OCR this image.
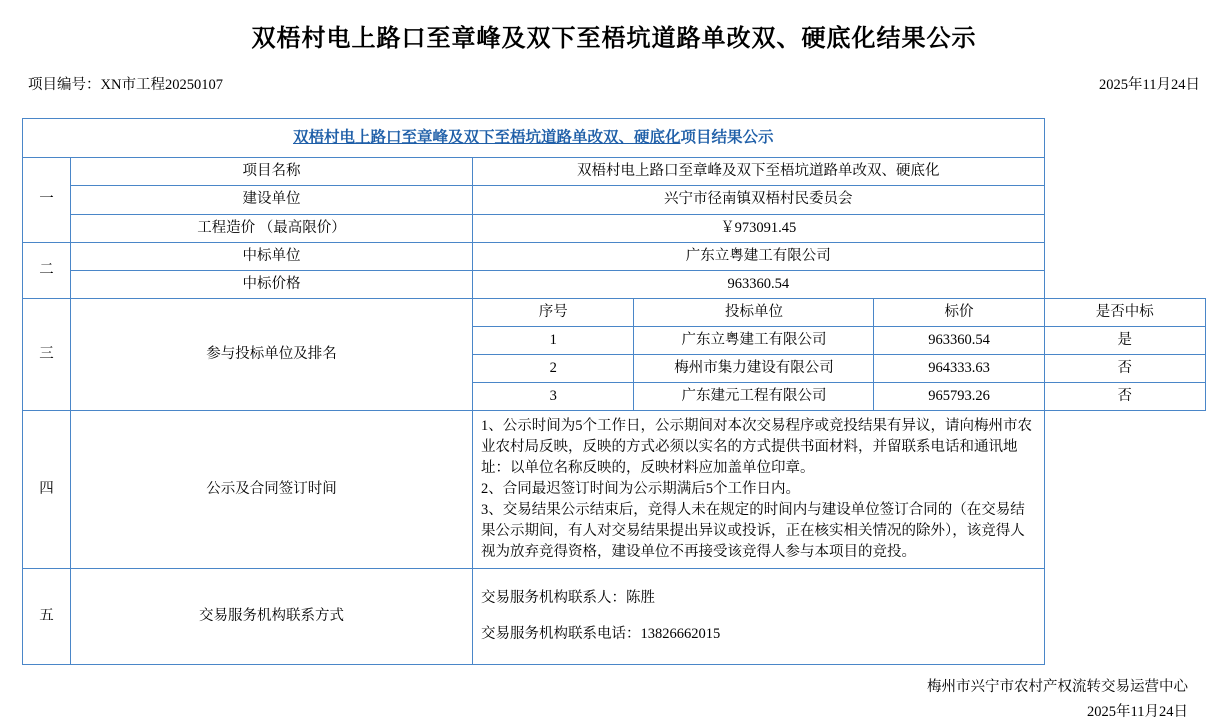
双梧村电上路口至章峰及双下至梧坑道路单改双、硬底化结果公示
项目编号：XN市工程20250107	2025年11月24日
双梧村电上路口至章峰及双下至梧坑道路单改双、硬底化项目结果公示					
一	项目名称	双梧村电上路口至章峰及双下至梧坑道路单改双、硬底化			
	建设单位	兴宁市径南镇双梧村民委员会			
	工程造价 （最高限价）	￥973091.45			
二	中标单位	广东立粤建工有限公司			
	中标价格	963360.54			
三	参与投标单位及排名	序号	投标单位	标价	是否中标
		1	广东立粤建工有限公司	963360.54	是
		2	梅州市集力建设有限公司	964333.63	否
		3	广东建元工程有限公司	965793.26	否
四	公示及合同签订时间	1、公示时间为5个工作日，公示期间对本次交易程序或竞投结果有异议，请向梅州市农业农村局反映，反映的方式必须以实名的方式提供书面材料，并留联系电话和通讯地址：以单位名称反映的，反映材料应加盖单位印章。

2、合同最迟签订时间为公示期满后5个工作日内。

3、交易结果公示结束后，竞得人未在规定的时间内与建设单位签订合同的（在交易结果公示期间，有人对交易结果提出异议或投诉，正在核实相关情况的除外），该竞得人视为放弃竞得资格，建设单位不再接受该竞得人参与本项目的竞投。			

五	交易服务机构联系方式	交易服务机构联系人：陈胜

交易服务机构联系电话：13826662015			

梅州市兴宁市农村产权流转交易运营中心
2025年11月24日
